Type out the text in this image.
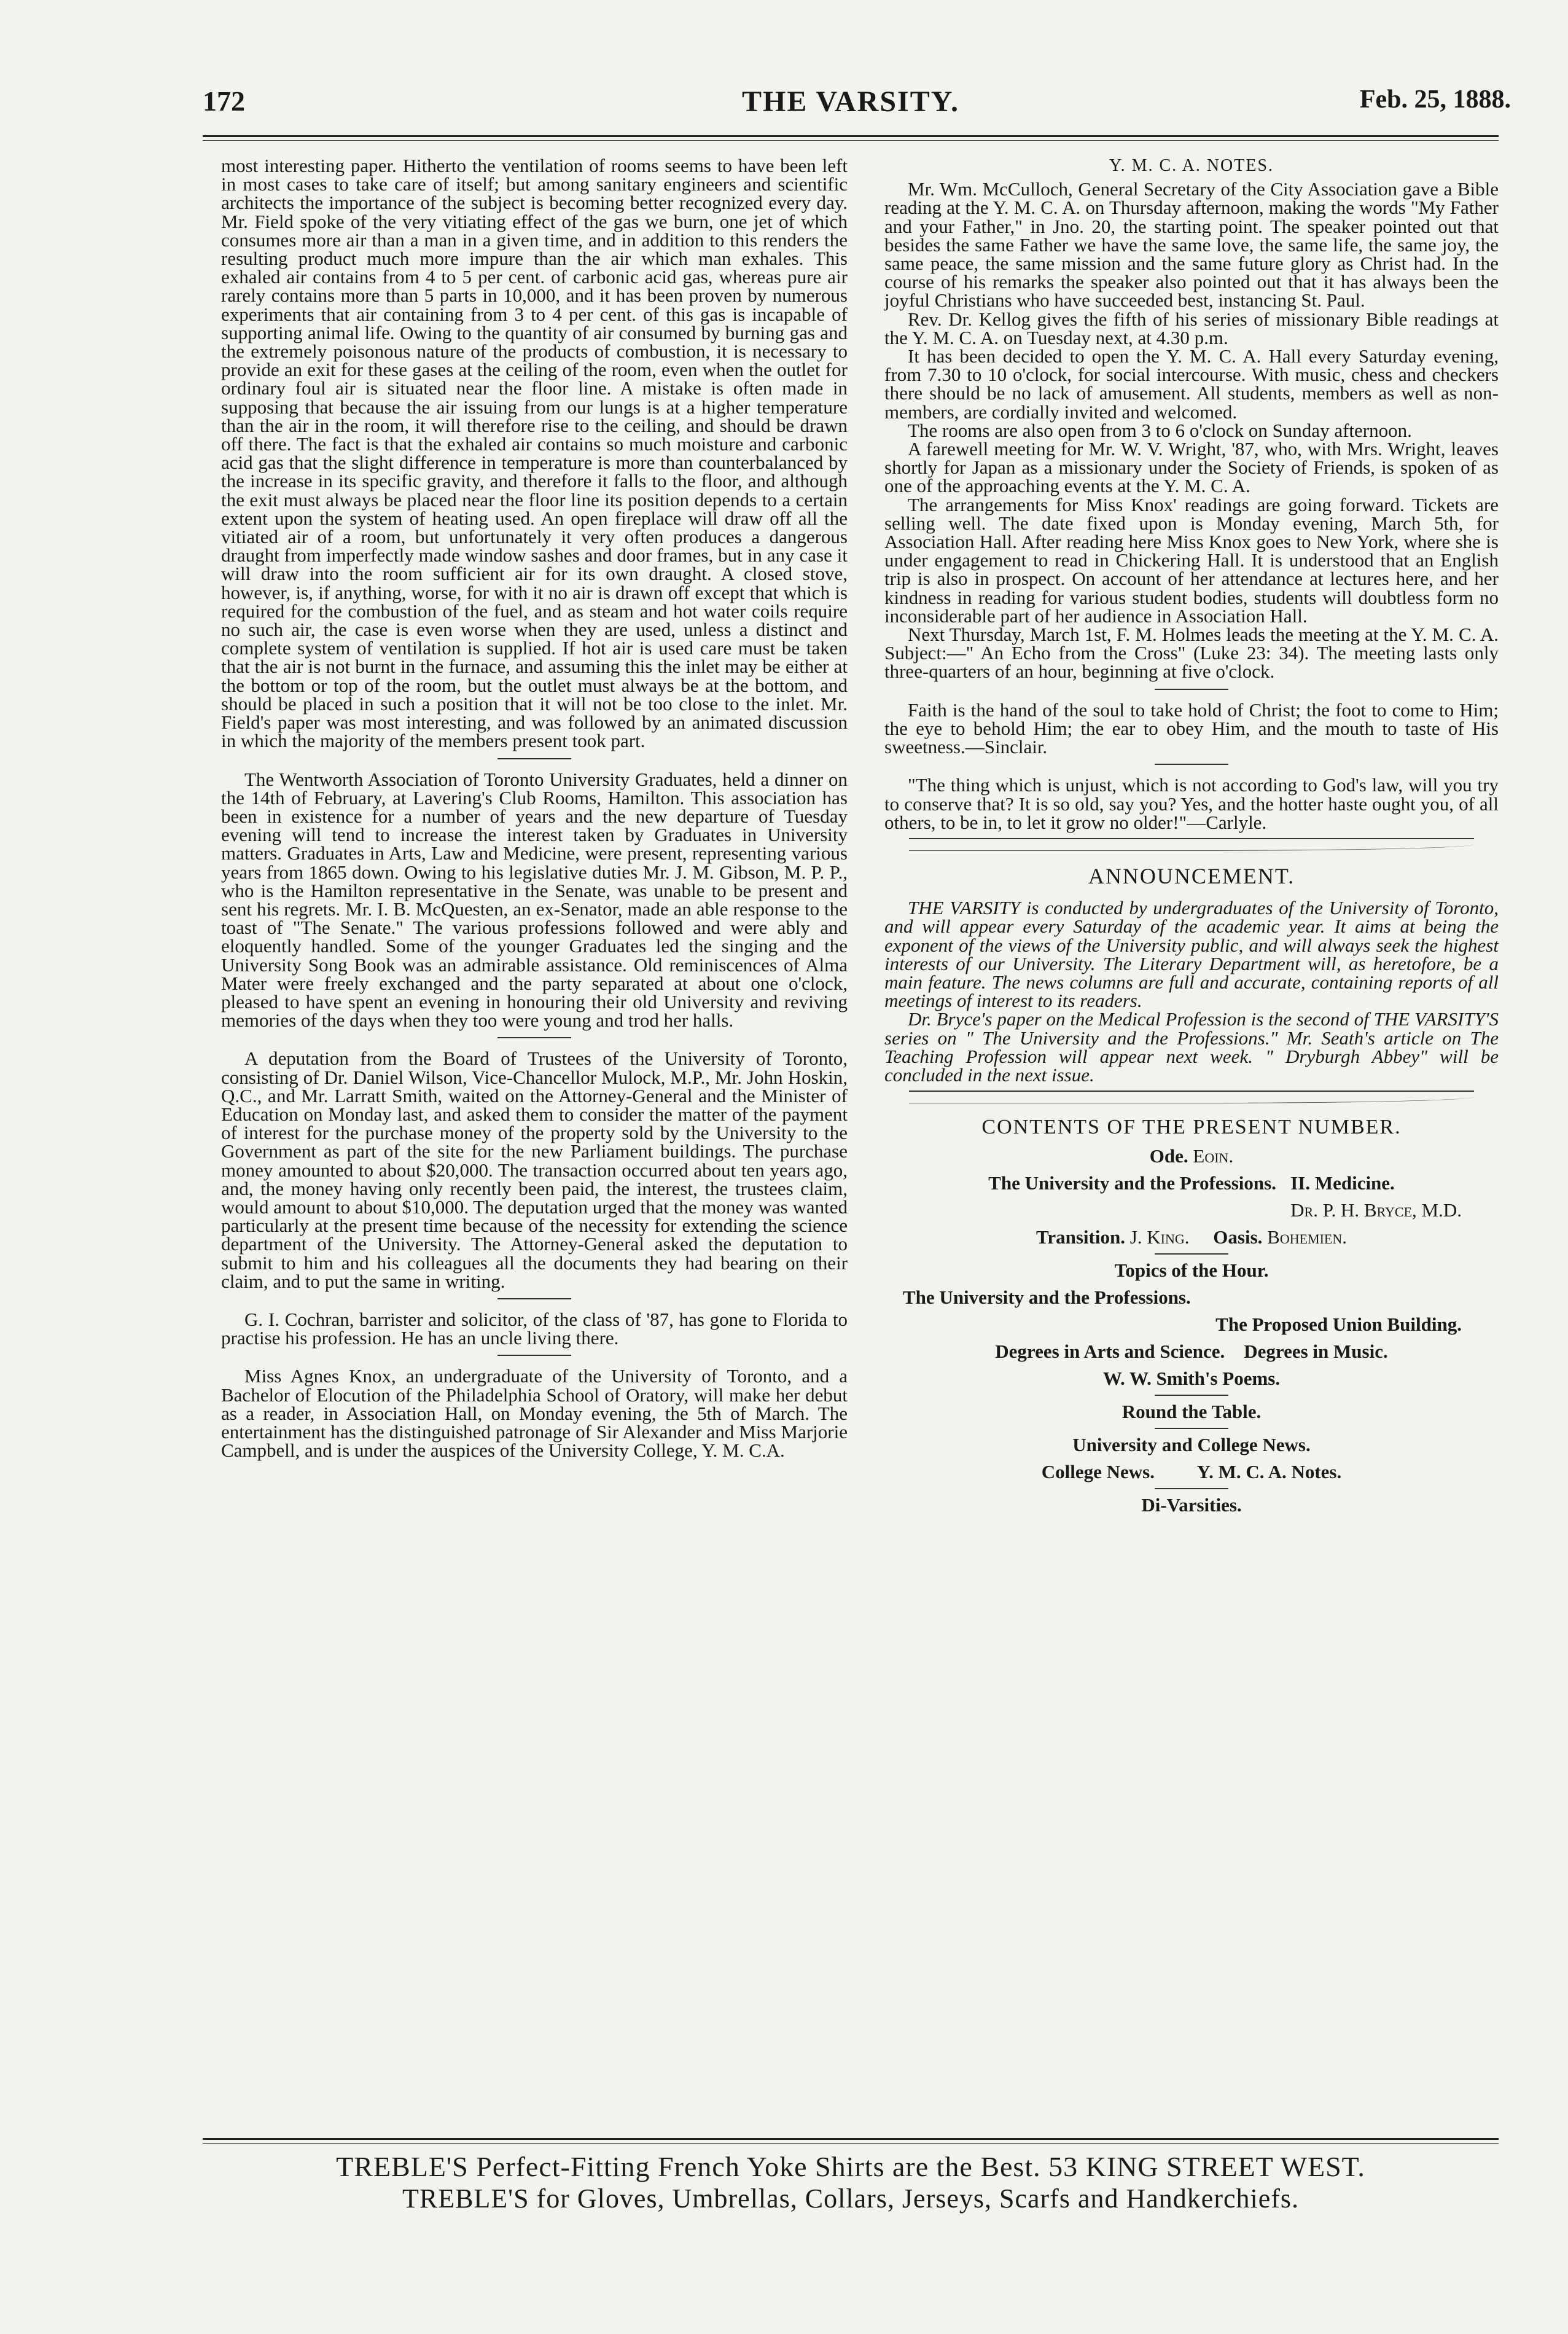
172	THE VARSITY.	Feb. 25, 1888.

most interesting paper. Hitherto the ventilation of rooms seems to have been left in most cases to take care of itself; but among sanitary engineers and scientific architects the importance of the subject is becoming better recognized every day. Mr. Field spoke of the very vitiating effect of the gas we burn, one jet of which consumes more air than a man in a given time, and in addition to this renders the resulting product much more impure than the air which man exhales. This exhaled air contains from 4 to 5 per cent. of carbonic acid gas, whereas pure air rarely contains more than 5 parts in 10,000, and it has been proven by numerous experiments that air containing from 3 to 4 per cent. of this gas is incapable of supporting animal life. Owing to the quantity of air consumed by burning gas and the extremely poisonous nature of the products of combustion, it is necessary to provide an exit for these gases at the ceiling of the room, even when the outlet for ordinary foul air is situated near the floor line. A mistake is often made in supposing that because the air issuing from our lungs is at a higher temperature than the air in the room, it will therefore rise to the ceiling, and should be drawn off there. The fact is that the exhaled air contains so much moisture and carbonic acid gas that the slight difference in temperature is more than counterbalanced by the increase in its specific gravity, and therefore it falls to the floor, and although the exit must always be placed near the floor line its position depends to a certain extent upon the system of heating used. An open fireplace will draw off all the vitiated air of a room, but unfortunately it very often produces a dangerous draught from imperfectly made window sashes and door frames, but in any case it will draw into the room sufficient air for its own draught. A closed stove, however, is, if anything, worse, for with it no air is drawn off except that which is required for the combustion of the fuel, and as steam and hot water coils require no such air, the case is even worse when they are used, unless a distinct and complete system of ventilation is supplied. If hot air is used care must be taken that the air is not burnt in the furnace, and assuming this the inlet may be either at the bottom or top of the room, but the outlet must always be at the bottom, and should be placed in such a position that it will not be too close to the inlet. Mr. Field's paper was most interesting, and was followed by an animated discussion in which the majority of the members present took part.

The Wentworth Association of Toronto University Graduates, held a dinner on the 14th of February, at Lavering's Club Rooms, Hamilton. This association has been in existence for a number of years and the new departure of Tuesday evening will tend to increase the interest taken by Graduates in University matters. Graduates in Arts, Law and Medicine, were present, representing various years from 1865 down. Owing to his legislative duties Mr. J. M. Gibson, M. P. P., who is the Hamilton representative in the Senate, was unable to be present and sent his regrets. Mr. I. B. McQuesten, an ex-Senator, made an able response to the toast of "The Senate." The various professions followed and were ably and eloquently handled. Some of the younger Graduates led the singing and the University Song Book was an admirable assistance. Old reminiscences of Alma Mater were freely exchanged and the party separated at about one o'clock, pleased to have spent an evening in honouring their old University and reviving memories of the days when they too were young and trod her halls.

A deputation from the Board of Trustees of the University of Toronto, consisting of Dr. Daniel Wilson, Vice-Chancellor Mulock, M.P., Mr. John Hoskin, Q.C., and Mr. Larratt Smith, waited on the Attorney-General and the Minister of Education on Monday last, and asked them to consider the matter of the payment of interest for the purchase money of the property sold by the University to the Government as part of the site for the new Parliament buildings. The purchase money amounted to about $20,000. The transaction occurred about ten years ago, and, the money having only recently been paid, the interest, the trustees claim, would amount to about $10,000. The deputation urged that the money was wanted particularly at the present time because of the necessity for extending the science department of the University. The Attorney-General asked the deputation to submit to him and his colleagues all the documents they had bearing on their claim, and to put the same in writing.

G. I. Cochran, barrister and solicitor, of the class of '87, has gone to Florida to practise his profession. He has an uncle living there.

Miss Agnes Knox, an undergraduate of the University of Toronto, and a Bachelor of Elocution of the Philadelphia School of Oratory, will make her debut as a reader, in Association Hall, on Monday evening, the 5th of March. The entertainment has the distinguished patronage of Sir Alexander and Miss Marjorie Campbell, and is under the auspices of the University College, Y. M. C.A.

Y. M. C. A. NOTES.

Mr. Wm. McCulloch, General Secretary of the City Association gave a Bible reading at the Y. M. C. A. on Thursday afternoon, making the words "My Father and your Father," in Jno. 20, the starting point. The speaker pointed out that besides the same Father we have the same love, the same life, the same joy, the same peace, the same mission and the same future glory as Christ had. In the course of his remarks the speaker also pointed out that it has always been the joyful Christians who have succeeded best, instancing St. Paul.

Rev. Dr. Kellog gives the fifth of his series of missionary Bible readings at the Y. M. C. A. on Tuesday next, at 4.30 p.m.

It has been decided to open the Y. M. C. A. Hall every Saturday evening, from 7.30 to 10 o'clock, for social intercourse. With music, chess and checkers there should be no lack of amusement. All students, members as well as non-members, are cordially invited and welcomed.

The rooms are also open from 3 to 6 o'clock on Sunday afternoon.

A farewell meeting for Mr. W. V. Wright, '87, who, with Mrs. Wright, leaves shortly for Japan as a missionary under the Society of Friends, is spoken of as one of the approaching events at the Y. M. C. A.

The arrangements for Miss Knox' readings are going forward. Tickets are selling well. The date fixed upon is Monday evening, March 5th, for Association Hall. After reading here Miss Knox goes to New York, where she is under engagement to read in Chickering Hall. It is understood that an English trip is also in prospect. On account of her attendance at lectures here, and her kindness in reading for various student bodies, students will doubtless form no inconsiderable part of her audience in Association Hall.

Next Thursday, March 1st, F. M. Holmes leads the meeting at the Y. M. C. A. Subject:—" An Echo from the Cross" (Luke 23: 34). The meeting lasts only three-quarters of an hour, beginning at five o'clock.

Faith is the hand of the soul to take hold of Christ; the foot to come to Him; the eye to behold Him; the ear to obey Him, and the mouth to taste of His sweetness.—Sinclair.

"The thing which is unjust, which is not according to God's law, will you try to conserve that? It is so old, say you? Yes, and the hotter haste ought you, of all others, to be in, to let it grow no older!"—Carlyle.

ANNOUNCEMENT.

THE VARSITY is conducted by undergraduates of the University of Toronto, and will appear every Saturday of the academic year. It aims at being the exponent of the views of the University public, and will always seek the highest interests of our University. The Literary Department will, as heretofore, be a main feature. The news columns are full and accurate, containing reports of all meetings of interest to its readers.

Dr. Bryce's paper on the Medical Profession is the second of THE VARSITY'S series on " The University and the Professions." Mr. Seath's article on The Teaching Profession will appear next week. " Dryburgh Abbey" will be concluded in the next issue.

CONTENTS OF THE PRESENT NUMBER.
Ode. Eoin.
The University and the Professions. II. Medicine.
Dr. P. H. Bryce, M.D.
Transition. J. King. Oasis. Bohemien.
Topics of the Hour.
The University and the Professions.
The Proposed Union Building.
Degrees in Arts and Science. Degrees in Music.
W. W. Smith's Poems.
Round the Table.
University and College News.
College News. Y. M. C. A. Notes.
Di-Varsities.
TREBLE'S Perfect-Fitting French Yoke Shirts are the Best. 53 KING STREET WEST.
TREBLE'S for Gloves, Umbrellas, Collars, Jerseys, Scarfs and Handkerchiefs.
